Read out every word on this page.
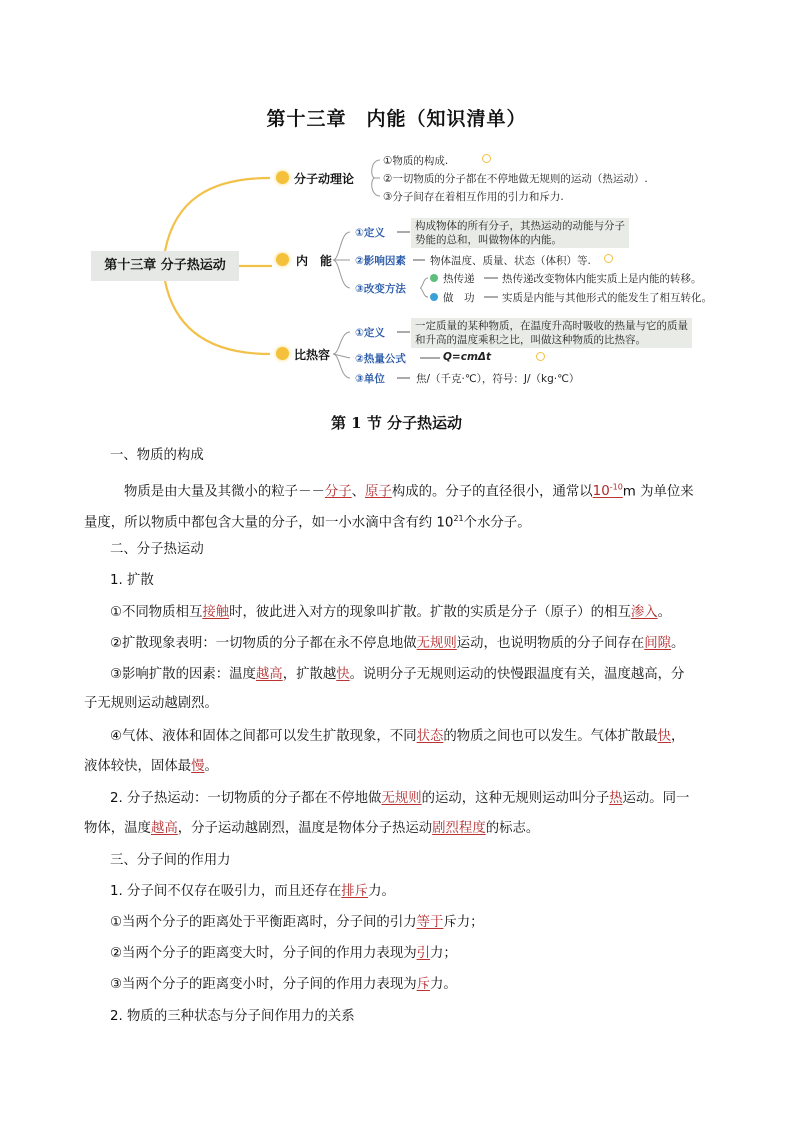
第十三章　内能（知识清单）
第十三章 分子热运动
分子动理论
①物质的构成.
②一切物质的分子都在不停地做无规则的运动（热运动）.
③分子间存在着相互作用的引力和斥力.
内　能
①定义
构成物体的所有分子，其热运动的动能与分子
势能的总和，叫做物体的内能。
②影响因素 物体温度、质量、状态（体积）等.
③改变方法
热传递	热传递改变物体内能实质上是内能的转移。
做　功	实质是内能与其他形式的能发生了相互转化。
比热容
①定义
一定质量的某种物质，在温度升高时吸收的热量与它的质量
和升高的温度乘积之比，叫做这种物质的比热容。
②热量公式	Q=cmΔt
③单位	焦/（千克·℃），符号：J/（kg·℃）
第 1 节 分子热运动
一、物质的构成
物质是由大量及其微小的粒子－－分子、原子构成的。分子的直径很小，通常以$10^{-10}m$ 为单位来
量度，所以物质中都包含大量的分子，如一小水滴中含有约 $10^{21}$个水分子。
二、分子热运动
1. 扩散
①不同物质相互接触时，彼此进入对方的现象叫扩散。扩散的实质是分子（原子）的相互渗入。
②扩散现象表明：一切物质的分子都在永不停息地做无规则运动，也说明物质的分子间存在间隙。
③影响扩散的因素：温度越高，扩散越快。说明分子无规则运动的快慢跟温度有关，温度越高，分
子无规则运动越剧烈。
④气体、液体和固体之间都可以发生扩散现象，不同状态的物质之间也可以发生。气体扩散最快，
液体较快，固体最慢。
2. 分子热运动：一切物质的分子都在不停地做无规则的运动，这种无规则运动叫分子热运动。同一
物体，温度越高，分子运动越剧烈，温度是物体分子热运动剧烈程度的标志。
三、分子间的作用力
1. 分子间不仅存在吸引力，而且还存在排斥力。
①当两个分子的距离处于平衡距离时，分子间的引力等于斥力；
②当两个分子的距离变大时，分子间的作用力表现为引力；
③当两个分子的距离变小时，分子间的作用力表现为斥力。
2. 物质的三种状态与分子间作用力的关系
